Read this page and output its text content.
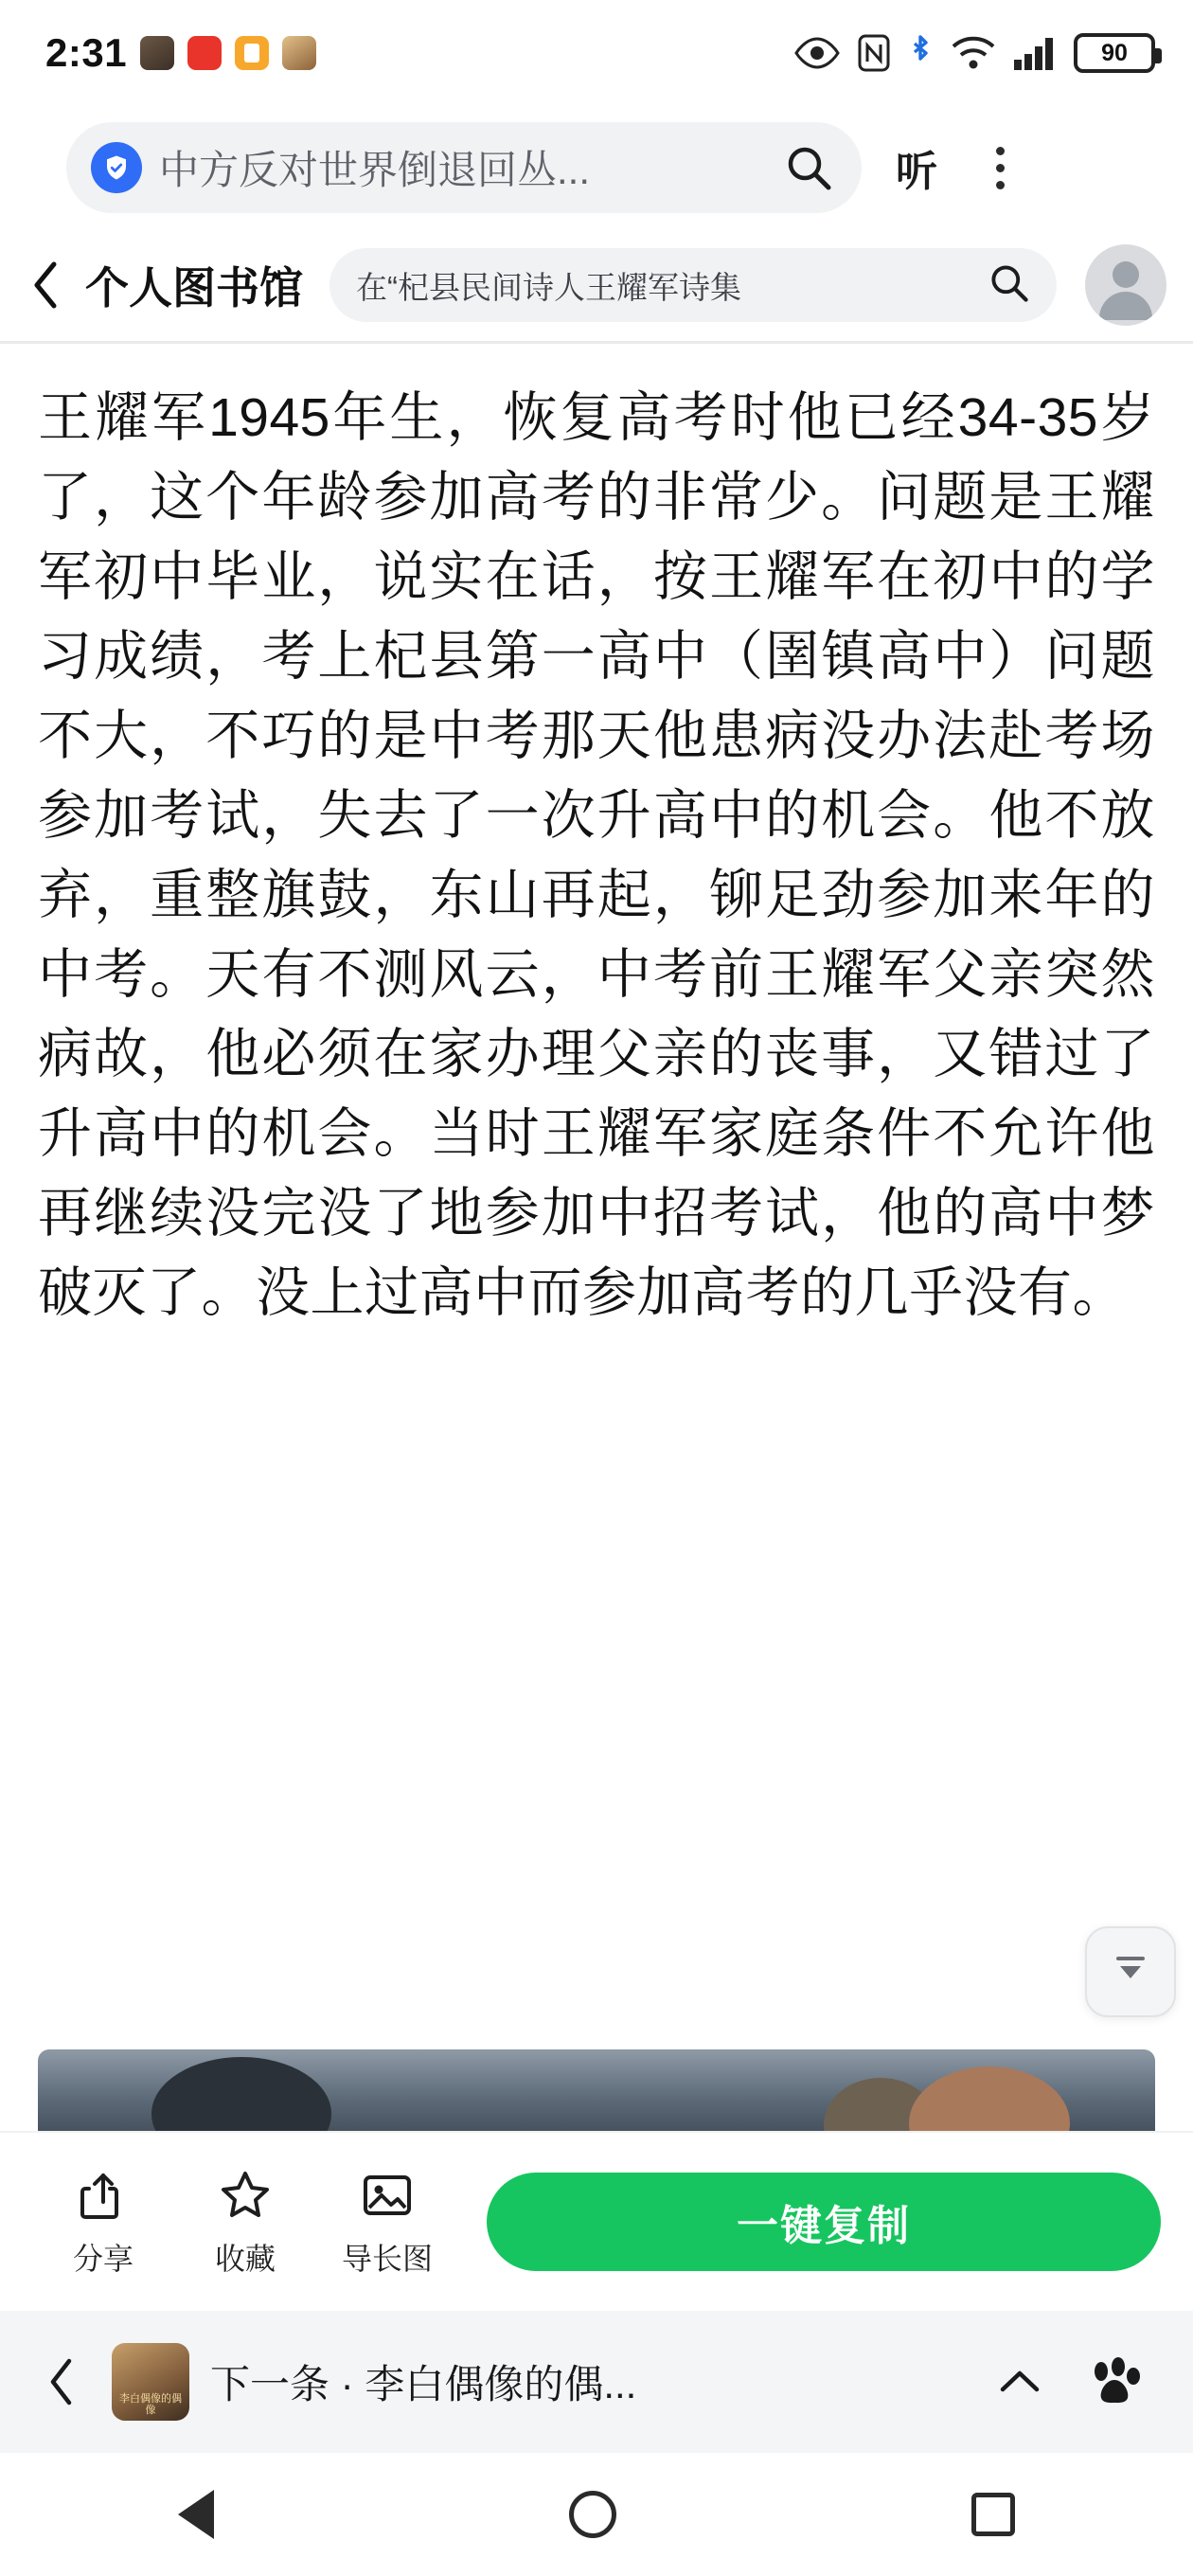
2:31	90
中方反对世界倒退回丛...	听
个人图书馆 在“杞县民间诗人王耀军诗集

王耀军1945年生，恢复高考时他已经34-35岁了，这个年龄参加高考的非常少。问题是王耀军初中毕业，说实在话，按王耀军在初中的学习成绩，考上杞县第一高中（圉镇高中）问题不大，不巧的是中考那天他患病没办法赴考场参加考试，失去了一次升高中的机会。他不放弃，重整旗鼓，东山再起，铆足劲参加来年的中考。天有不测风云，中考前王耀军父亲突然病故，他必须在家办理父亲的丧事，又错过了升高中的机会。当时王耀军家庭条件不允许他再继续没完没了地参加中招考试，他的高中梦破灭了。没上过高中而参加高考的几乎没有。

分享	收藏 导长图
一键复制
李白偶像的偶像
下一条 · 李白偶像的偶...
